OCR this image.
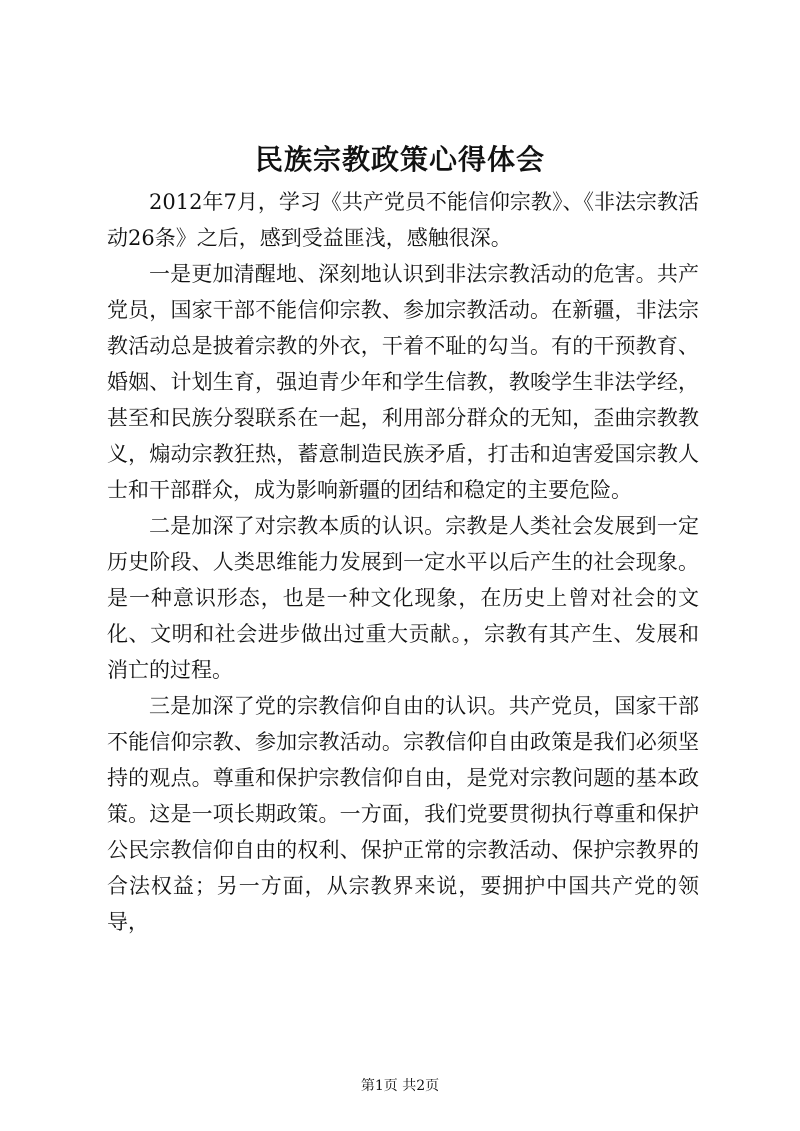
民族宗教政策心得体会

2012年7月，学习《共产党员不能信仰宗教》、《非法宗教活动26条》之后，感到受益匪浅，感触很深。

一是更加清醒地、深刻地认识到非法宗教活动的危害。共产党员，国家干部不能信仰宗教、参加宗教活动。在新疆，非法宗教活动总是披着宗教的外衣，干着不耻的勾当。有的干预教育、婚姻、计划生育，强迫青少年和学生信教，教唆学生非法学经，甚至和民族分裂联系在一起，利用部分群众的无知，歪曲宗教教义，煽动宗教狂热，蓄意制造民族矛盾，打击和迫害爱国宗教人士和干部群众，成为影响新疆的团结和稳定的主要危险。

二是加深了对宗教本质的认识。宗教是人类社会发展到一定历史阶段、人类思维能力发展到一定水平以后产生的社会现象。是一种意识形态，也是一种文化现象，在历史上曾对社会的文化、文明和社会进步做出过重大贡献。，宗教有其产生、发展和消亡的过程。

三是加深了党的宗教信仰自由的认识。共产党员，国家干部不能信仰宗教、参加宗教活动。宗教信仰自由政策是我们必须坚持的观点。尊重和保护宗教信仰自由，是党对宗教问题的基本政策。这是一项长期政策。一方面，我们党要贯彻执行尊重和保护公民宗教信仰自由的权利、保护正常的宗教活动、保护宗教界的合法权益；另一方面，从宗教界来说，要拥护中国共产党的领导，

第1页 共2页
